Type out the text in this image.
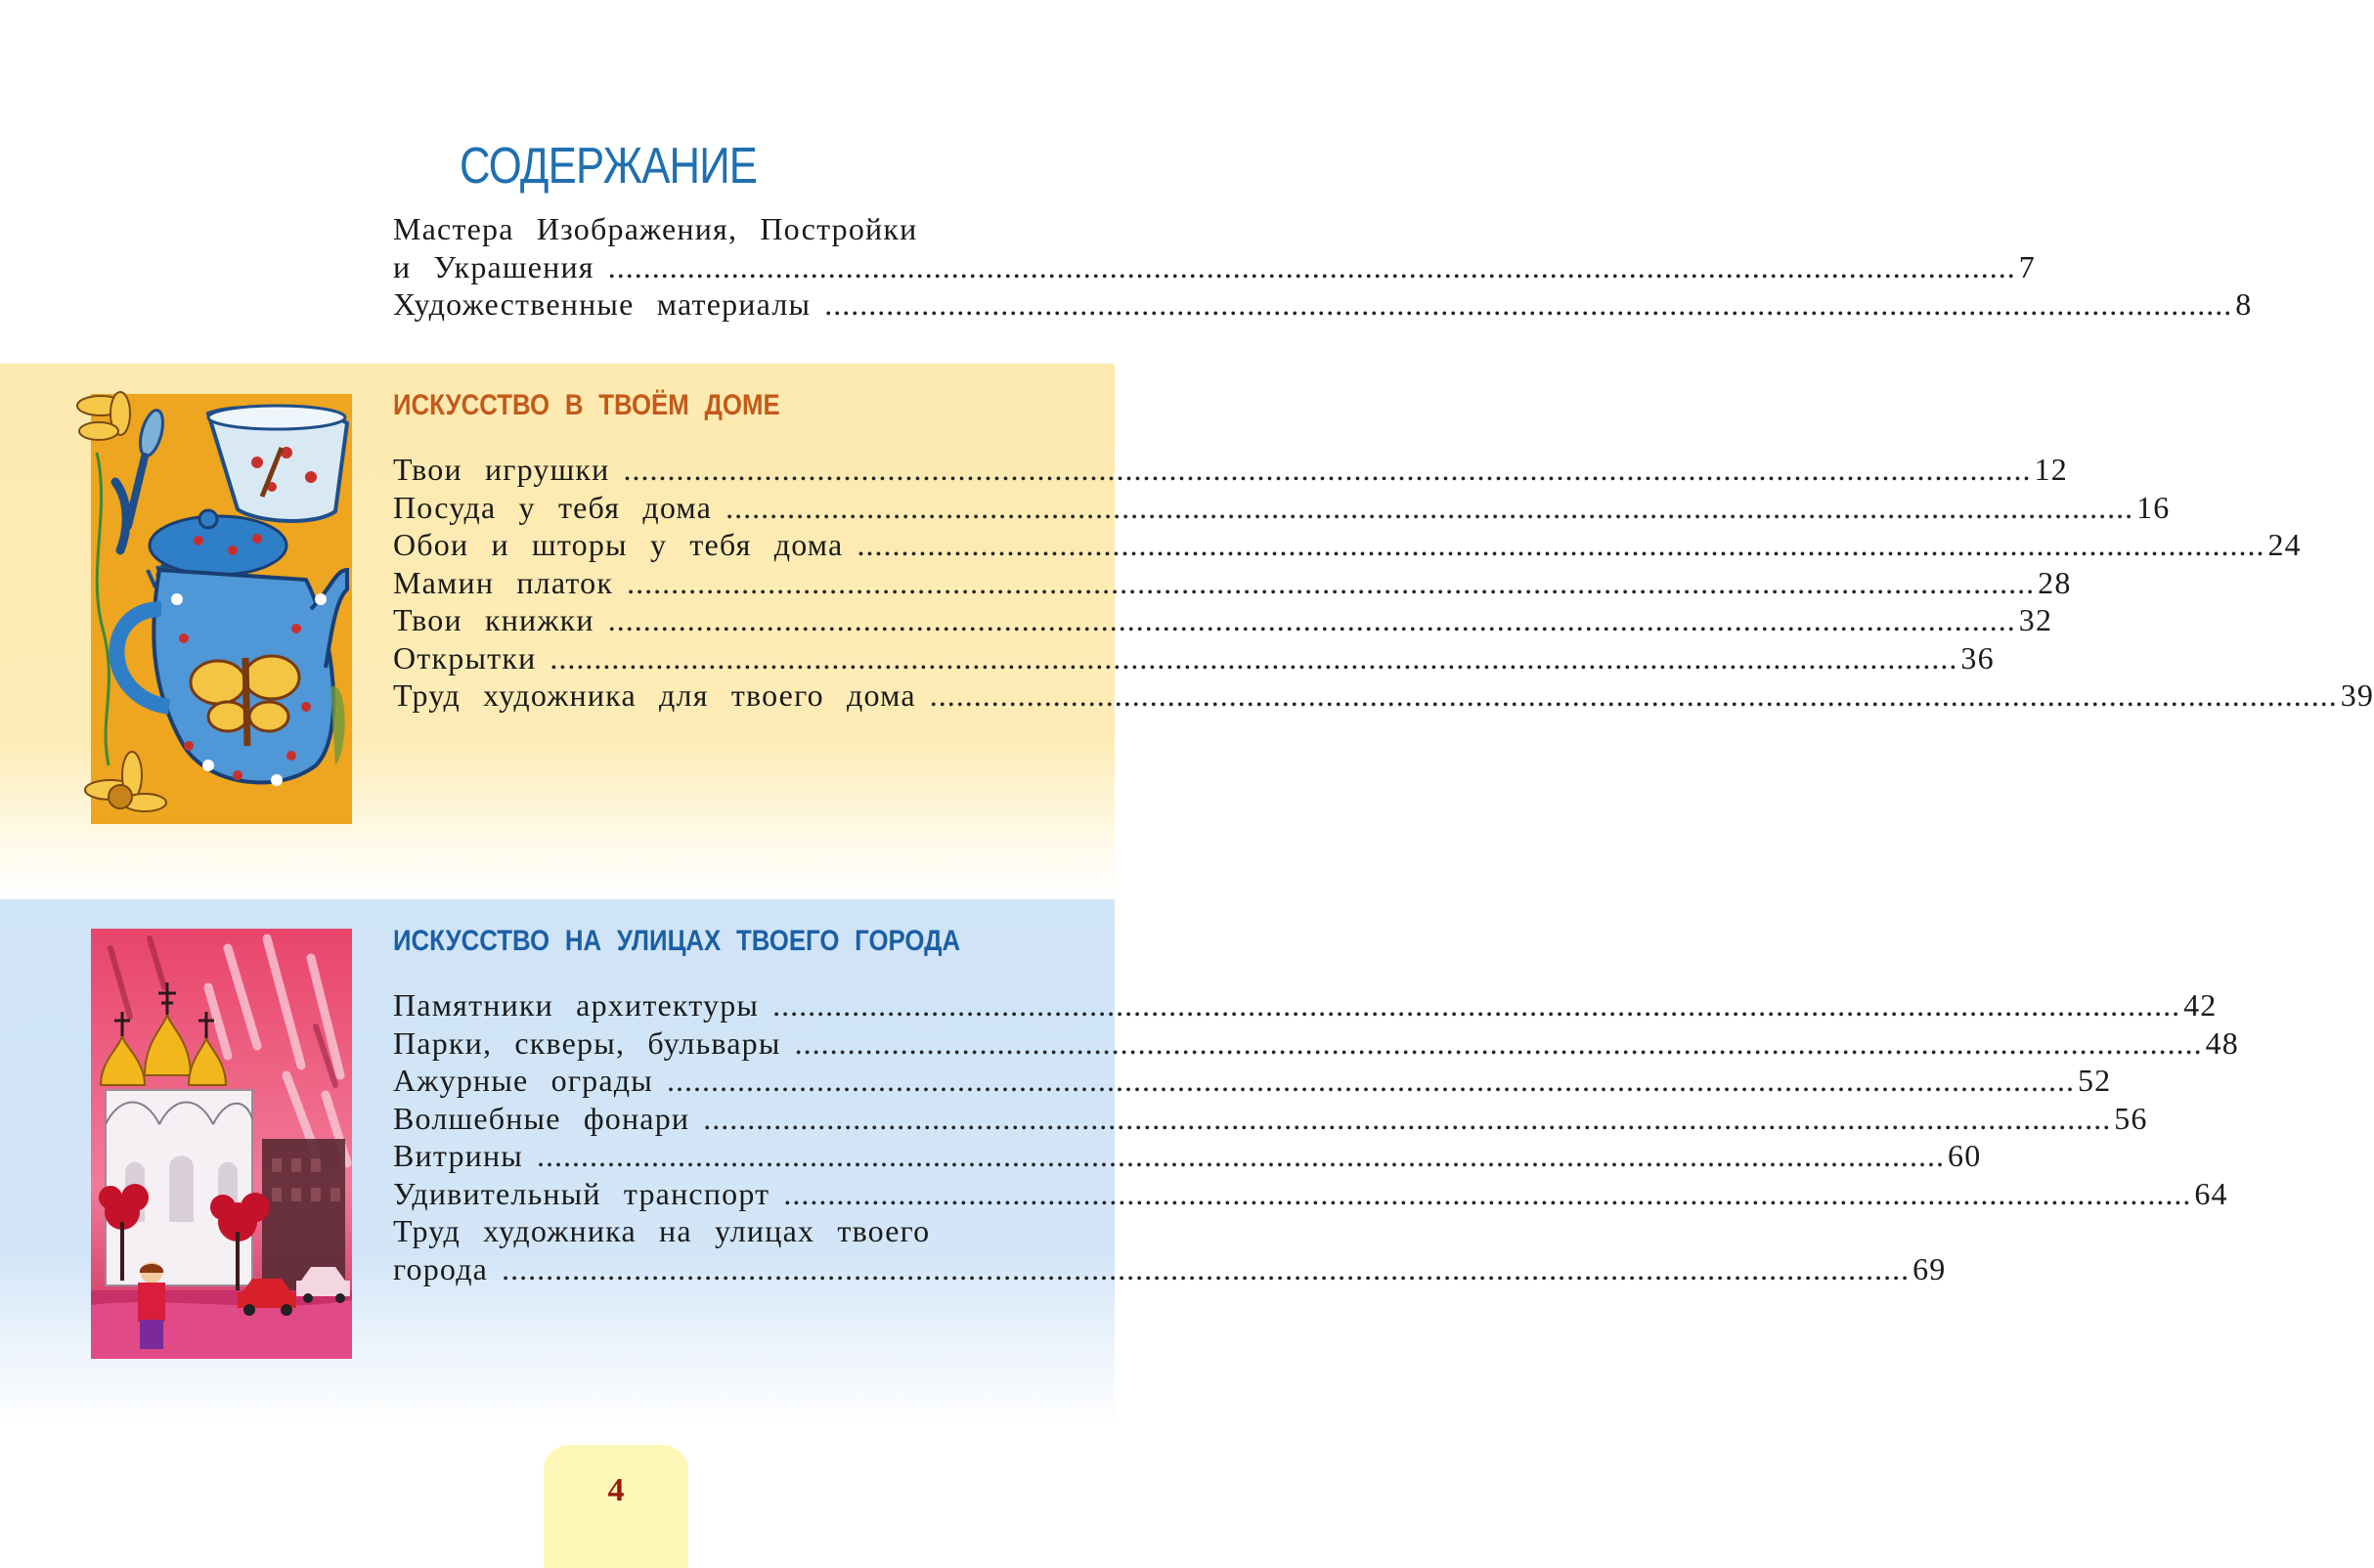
СОДЕРЖАНИЕ
Мастера Изображения, Постройки
и Украшения ................................................................................................................................................................ 7
Художественные материалы ................................................................................................................................................................ 8
ИСКУССТВО В ТВОЁМ ДОМЕ
Твои игрушки ................................................................................................................................................................ 12
Посуда у тебя дома ................................................................................................................................................................ 16
Обои и шторы у тебя дома ................................................................................................................................................................ 24
Мамин платок ................................................................................................................................................................ 28
Твои книжки ................................................................................................................................................................ 32
Открытки ................................................................................................................................................................ 36
Труд художника для твоего дома ................................................................................................................................................................ 39
ИСКУССТВО НА УЛИЦАХ ТВОЕГО ГОРОДА
Памятники архитектуры ................................................................................................................................................................ 42
Парки, скверы, бульвары ................................................................................................................................................................ 48
Ажурные ограды ................................................................................................................................................................ 52
Волшебные фонари ................................................................................................................................................................ 56
Витрины ................................................................................................................................................................ 60
Удивительный транспорт ................................................................................................................................................................ 64
Труд художника на улицах твоего
города ................................................................................................................................................................ 69
4
